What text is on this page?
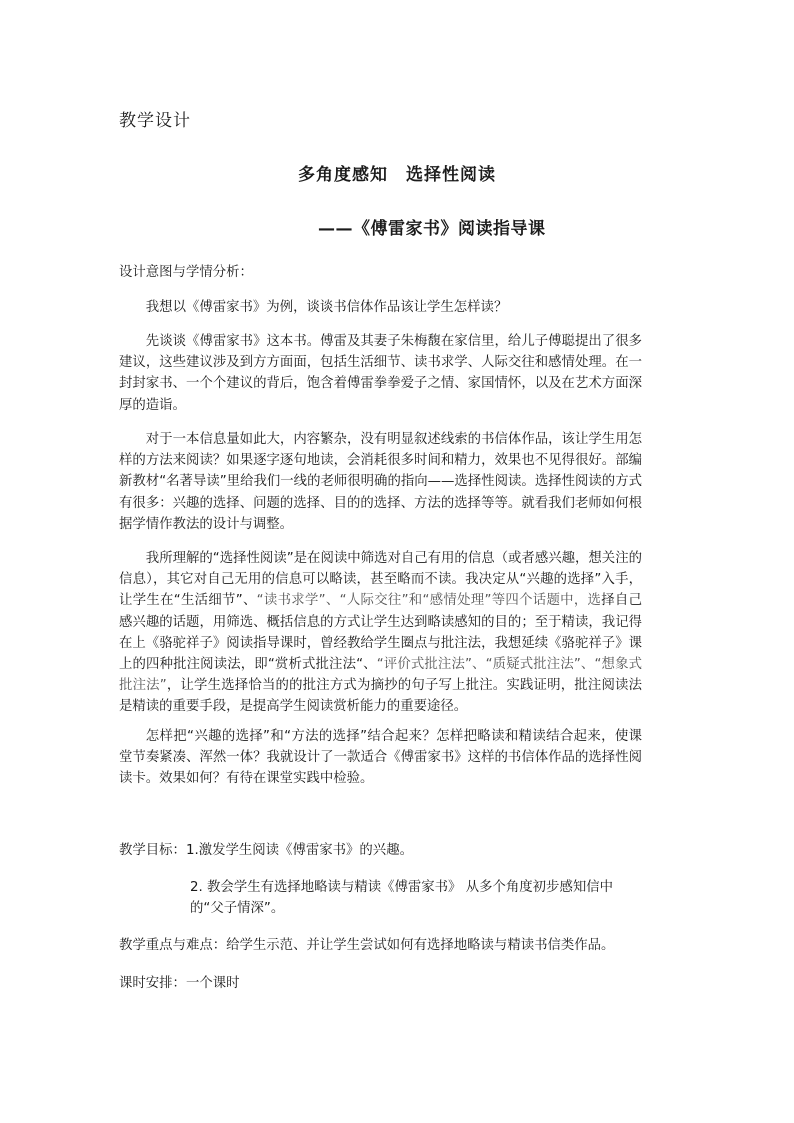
教学设计
多角度感知 选择性阅读
——《傅雷家书》阅读指导课
设计意图与学情分析：

我想以《傅雷家书》为例，谈谈书信体作品该让学生怎样读？

先谈谈《傅雷家书》这本书。傅雷及其妻子朱梅馥在家信里，给儿子傅聪提出了很多建议，这些建议涉及到方方面面，包括生活细节、读书求学、人际交往和感情处理。在一封封家书、一个个建议的背后，饱含着傅雷拳拳爱子之情、家国情怀，以及在艺术方面深厚的造诣。

对于一本信息量如此大，内容繁杂，没有明显叙述线索的书信体作品，该让学生用怎样的方法来阅读？如果逐字逐句地读，会消耗很多时间和精力，效果也不见得很好。部编新教材“名著导读”里给我们一线的老师很明确的指向——选择性阅读。选择性阅读的方式有很多：兴趣的选择、问题的选择、目的的选择、方法的选择等等。就看我们老师如何根据学情作教法的设计与调整。

我所理解的“选择性阅读”是在阅读中筛选对自己有用的信息（或者感兴趣，想关注的信息），其它对自己无用的信息可以略读，甚至略而不读。我决定从“兴趣的选择”入手，让学生在“生活细节”、“读书求学”、“人际交往”和“感情处理”等四个话题中，选择自己感兴趣的话题，用筛选、概括信息的方式让学生达到略读感知的目的；至于精读，我记得在上《骆驼祥子》阅读指导课时，曾经教给学生圈点与批注法，我想延续《骆驼祥子》课上的四种批注阅读法，即“赏析式批注法“、“评价式批注法”、“质疑式批注法”、“想象式批注法”，让学生选择恰当的的批注方式为摘抄的句子写上批注。实践证明，批注阅读法是精读的重要手段，是提高学生阅读赏析能力的重要途径。

怎样把“兴趣的选择”和“方法的选择”结合起来？怎样把略读和精读结合起来，使课堂节奏紧凑、浑然一体？我就设计了一款适合《傅雷家书》这样的书信体作品的选择性阅读卡。效果如何？有待在课堂实践中检验。

教学目标：1.激发学生阅读《傅雷家书》的兴趣。
2. 教会学生有选择地略读与精读《傅雷家书》 从多个角度初步感知信中的“父子情深”。
教学重点与难点：给学生示范、并让学生尝试如何有选择地略读与精读书信类作品。
课时安排：一个课时
